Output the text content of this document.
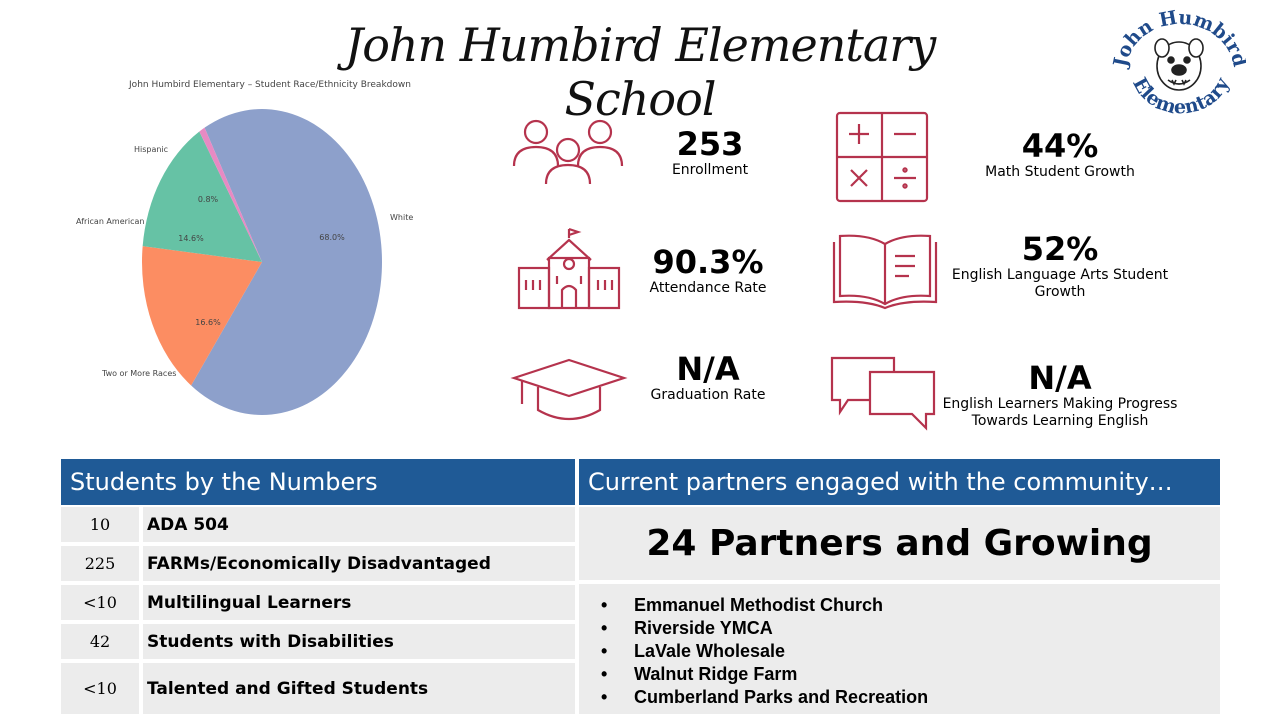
John Humbird Elementary School
ohn Humbir
Elementary
White
68.0%
Two or More Races
16.6%
African American
14.6%
Hispanic
0.8%
John Humbird Elementary – Student Race/Ethnicity Breakdown
253
Enrollment
90.3%
Attendance Rate
N/A
Graduation Rate
44%
Math Student Growth
52%
English Language Arts Student
Growth
N/A
English Learners Making Progress
Towards Learning English
Students by the Numbers
10	ADA 504
225	FARMs/Economically Disadvantaged
<10	Multilingual Learners
42	Students with Disabilities
<10	Talented and Gifted Students
Current partners engaged with the community…
24 Partners and Growing
• Emmanuel Methodist Church
• Riverside YMCA
• LaVale Wholesale
• Walnut Ridge Farm
• Cumberland Parks and Recreation
